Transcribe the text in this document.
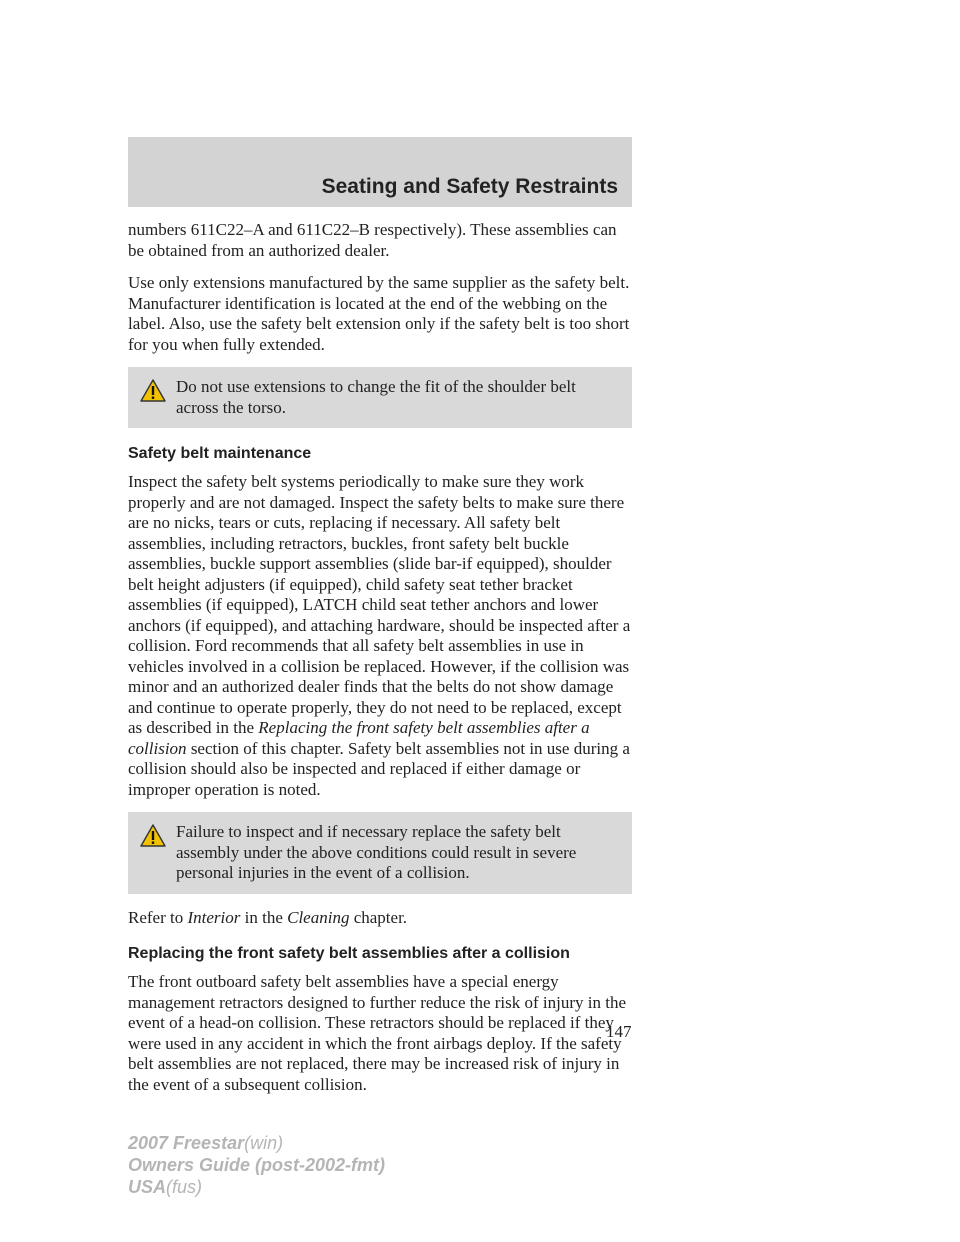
Seating and Safety Restraints

numbers 611C22–A and 611C22–B respectively). These assemblies can be obtained from an authorized dealer.

Use only extensions manufactured by the same supplier as the safety belt. Manufacturer identification is located at the end of the webbing on the label. Also, use the safety belt extension only if the safety belt is too short for you when fully extended.

Do not use extensions to change the fit of the shoulder belt across the torso.
Safety belt maintenance

Inspect the safety belt systems periodically to make sure they work properly and are not damaged. Inspect the safety belts to make sure there are no nicks, tears or cuts, replacing if necessary. All safety belt assemblies, including retractors, buckles, front safety belt buckle assemblies, buckle support assemblies (slide bar-if equipped), shoulder belt height adjusters (if equipped), child safety seat tether bracket assemblies (if equipped), LATCH child seat tether anchors and lower anchors (if equipped), and attaching hardware, should be inspected after a collision. Ford recommends that all safety belt assemblies in use in vehicles involved in a collision be replaced. However, if the collision was minor and an authorized dealer finds that the belts do not show damage and continue to operate properly, they do not need to be replaced, except as described in the Replacing the front safety belt assemblies after a collision section of this chapter. Safety belt assemblies not in use during a collision should also be inspected and replaced if either damage or improper operation is noted.

Failure to inspect and if necessary replace the safety belt assembly under the above conditions could result in severe personal injuries in the event of a collision.

Refer to Interior in the Cleaning chapter.

Replacing the front safety belt assemblies after a collision

The front outboard safety belt assemblies have a special energy management retractors designed to further reduce the risk of injury in the event of a head-on collision. These retractors should be replaced if they were used in any accident in which the front airbags deploy. If the safety belt assemblies are not replaced, there may be increased risk of injury in the event of a subsequent collision.

147
2007 Freestar(win)
Owners Guide (post-2002-fmt)
USA(fus)
